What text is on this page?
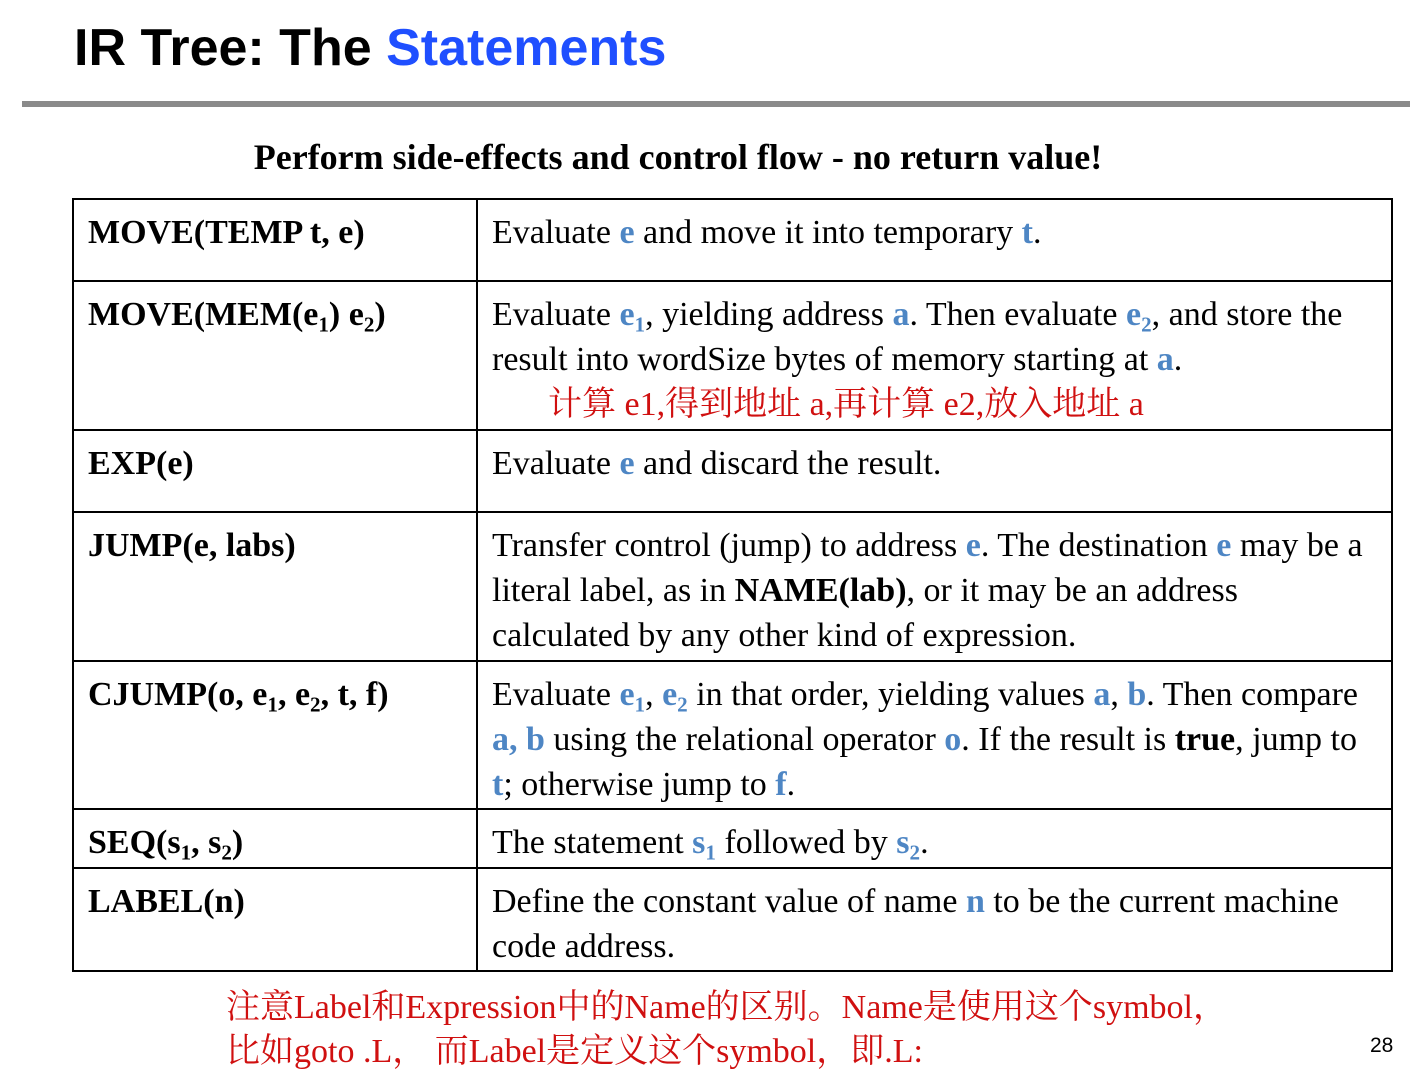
IR Tree: The Statements
Perform side-effects and control flow - no return value!
MOVE(TEMP t, e)	Evaluate e and move it into temporary t.
$MOVE(MEM(e_1)$ $e_2$)	Evaluate $e_1$, yielding address a. Then evaluate $e_2$, and store the result into wordSize bytes of memory starting at a.
计算 e1,得到地址 a,再计算 e2,放入地址 a

EXP(e)	Evaluate e and discard the result.
JUMP(e, labs)	Transfer control (jump) to address e. The destination e may be a literal label, as in NAME(lab), or it may be an address calculated by any other kind of expression.
CJUMP(o, $e_1$, $e_2$, t, f)	Evaluate $e_1$, $e_2$ in that order, yielding values a, b. Then compare a, b using the relational operator o. If the result is true, jump to t; otherwise jump to f.
$SEQ(s_1$, $s_2$)	The statement $s_1$ followed by $s_2$.
LABEL(n)	Define the constant value of name n to be the current machine code address.
注意Label和Expression中的Name的区别。Name是使用这个symbol，
比如goto .L， 而Label是定义这个symbol，即.L:	28
